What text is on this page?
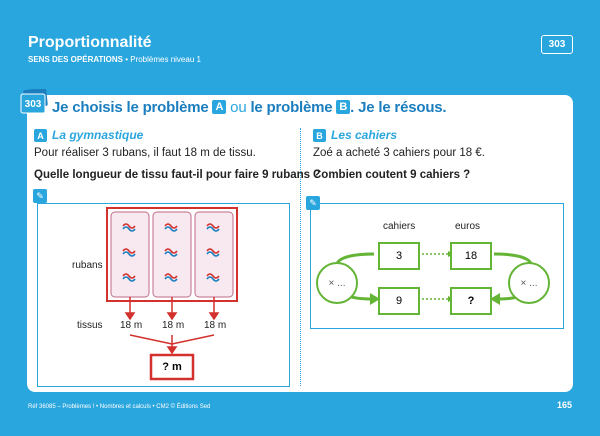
Proportionnalité
SENS DES OPÉRATIONS • Problèmes niveau 1
303
303 Je choisis le problème A ou le problème B . Je le résous.
A La gymnastique
Pour réaliser 3 rubans, il faut 18 m de tissu.
Quelle longueur de tissu faut-il pour faire 9 rubans ?
B Les cahiers
Zoé a acheté 3 cahiers pour 18 €.
Combien coutent 9 cahiers ?
✎
rubans
tissus 18 m 18 m 18 m
? m
✎
cahiers	euros
3	18
9	?
× ...	× ...
Réf 36085 – Problèmes ! • Nombres et calculs • CM2 © Éditions Sed	165
